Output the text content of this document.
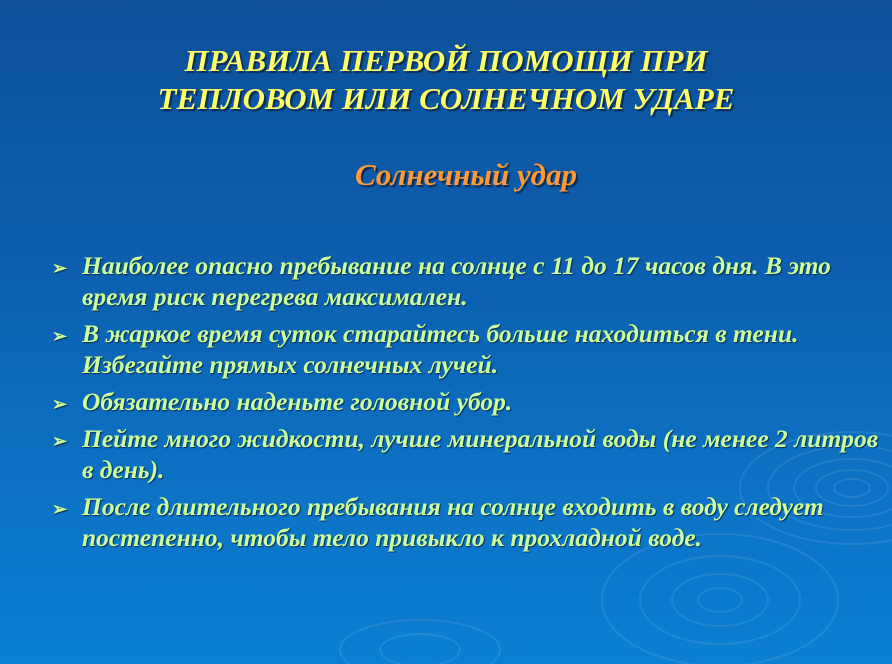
ПРАВИЛА ПЕРВОЙ ПОМОЩИ ПРИ
ТЕПЛОВОМ ИЛИ СОЛНЕЧНОМ УДАРЕ
Солнечный удар
➢ Наиболее опасно пребывание на солнце с 11 до 17 часов дня. В это время риск перегрева максимален.
➢ В жаркое время суток старайтесь больше находиться в тени. Избегайте прямых солнечных лучей.
➢ Обязательно наденьте головной убор.
➢ Пейте много жидкости, лучше минеральной воды (не менее 2 литров в день).
➢ После длительного пребывания на солнце входить в воду следует постепенно, чтобы тело привыкло к прохладной воде.
